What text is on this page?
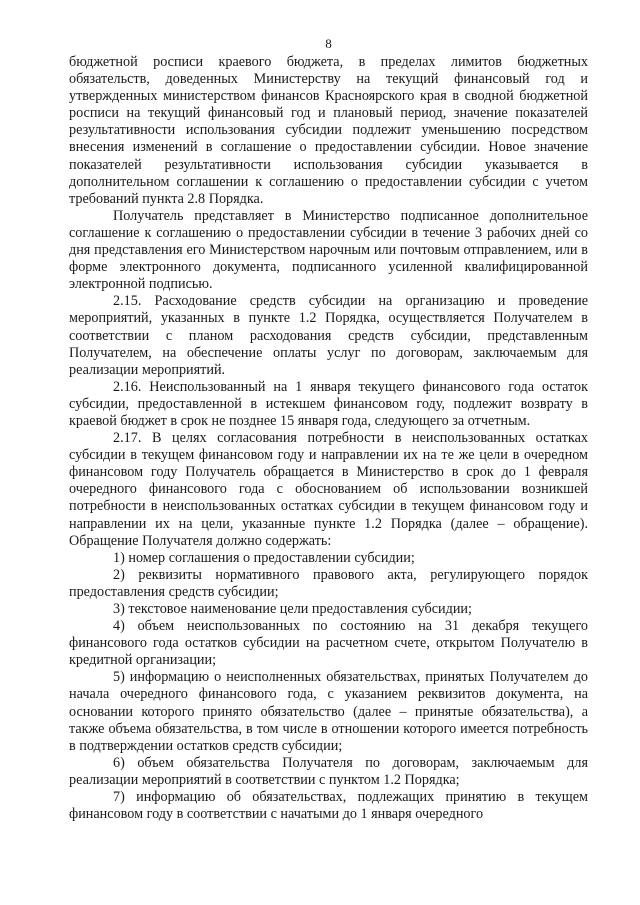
8

бюджетной росписи краевого бюджета, в пределах лимитов бюджетных обязательств, доведенных Министерству на текущий финансовый год и утвержденных министерством финансов Красноярского края в сводной бюджетной росписи на текущий финансовый год и плановый период, значение показателей результативности использования субсидии подлежит уменьшению посредством внесения изменений в соглашение о предоставлении субсидии. Новое значение показателей результативности использования субсидии указывается в дополнительном соглашении к соглашению о предоставлении субсидии с учетом требований пункта 2.8 Порядка.

Получатель представляет в Министерство подписанное дополнительное соглашение к соглашению о предоставлении субсидии в течение 3 рабочих дней со дня представления его Министерством нарочным или почтовым отправлением, или в форме электронного документа, подписанного усиленной квалифицированной электронной подписью.

2.15. Расходование средств субсидии на организацию и проведение мероприятий, указанных в пункте 1.2 Порядка, осуществляется Получателем в соответствии с планом расходования средств субсидии, представленным Получателем, на обеспечение оплаты услуг по договорам, заключаемым для реализации мероприятий.

2.16. Неиспользованный на 1 января текущего финансового года остаток субсидии, предоставленной в истекшем финансовом году, подлежит возврату в краевой бюджет в срок не позднее 15 января года, следующего за отчетным.

2.17. В целях согласования потребности в неиспользованных остатках субсидии в текущем финансовом году и направлении их на те же цели в очередном финансовом году Получатель обращается в Министерство в срок до 1 февраля очередного финансового года с обоснованием об использовании возникшей потребности в неиспользованных остатках субсидии в текущем финансовом году и направлении их на цели, указанные пункте 1.2 Порядка (далее – обращение). Обращение Получателя должно содержать:

1) номер соглашения о предоставлении субсидии;

2) реквизиты нормативного правового акта, регулирующего порядок предоставления средств субсидии;

3) текстовое наименование цели предоставления субсидии;

4) объем неиспользованных по состоянию на 31 декабря текущего финансового года остатков субсидии на расчетном счете, открытом Получателю в кредитной организации;

5) информацию о неисполненных обязательствах, принятых Получателем до начала очередного финансового года, с указанием реквизитов документа, на основании которого принято обязательство (далее – принятые обязательства), а также объема обязательства, в том числе в отношении которого имеется потребность в подтверждении остатков средств субсидии;

6) объем обязательства Получателя по договорам, заключаемым для реализации мероприятий в соответствии с пунктом 1.2 Порядка;

7) информацию об обязательствах, подлежащих принятию в текущем финансовом году в соответствии с начатыми до 1 января очередного
